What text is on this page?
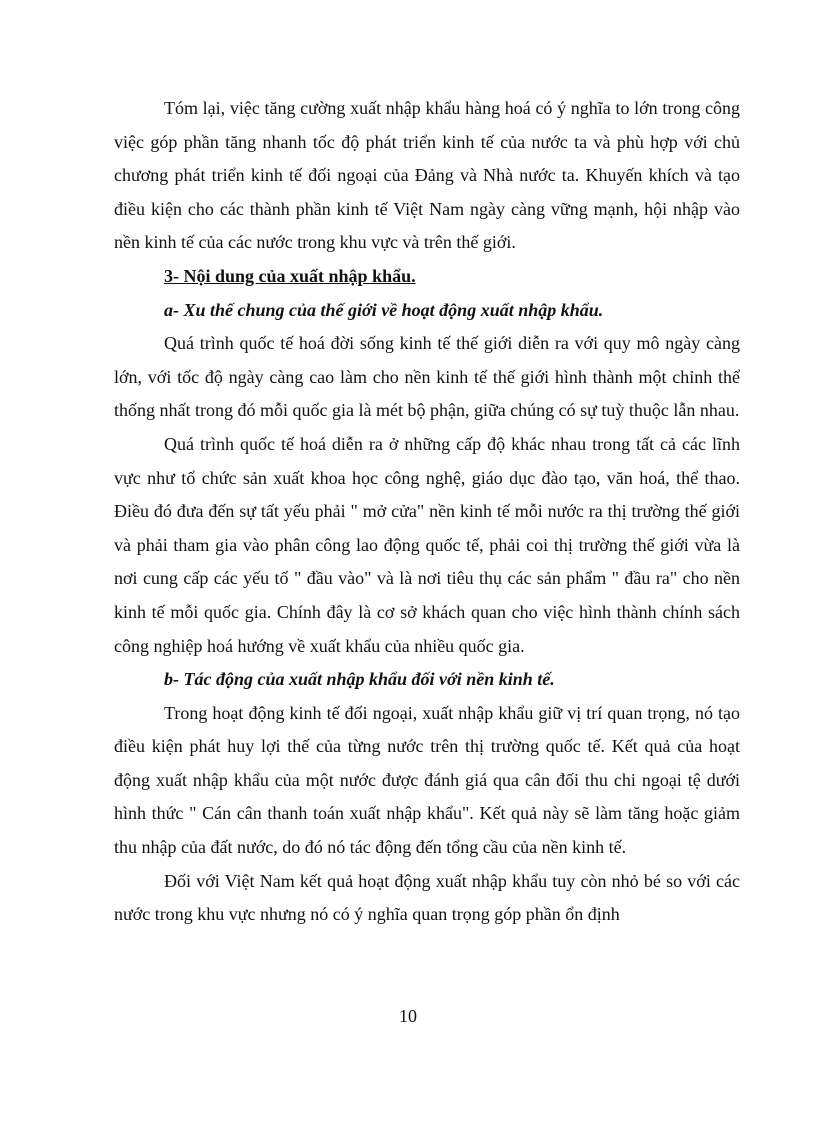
Tóm lại, việc tăng cường xuất nhập khẩu hàng hoá có ý nghĩa to lớn trong công việc góp phần tăng nhanh tốc độ phát triển kinh tế của nước ta và phù hợp với chủ chương phát triển kinh tế đối ngoại của Đảng và Nhà nước ta. Khuyến khích và tạo điều kiện cho các thành phần kinh tế Việt Nam ngày càng vững mạnh, hội nhập vào nền kinh tế của các nước trong khu vực và trên thế giới.

3- Nội dung của xuất nhập khẩu.

a- Xu thế chung của thế giới về hoạt động xuất nhập khẩu.

Quá trình quốc tế hoá đời sống kinh tế thế giới diễn ra với quy mô ngày càng lớn, với tốc độ ngày càng cao làm cho nền kinh tế thế giới hình thành một chỉnh thể thống nhất trong đó mỗi quốc gia là mét bộ phận, giữa chúng có sự tuỳ thuộc lẫn nhau.

Quá trình quốc tế hoá diễn ra ở những cấp độ khác nhau trong tất cả các lĩnh vực như tổ chức sản xuất khoa học công nghệ, giáo dục đào tạo, văn hoá, thể thao. Điều đó đưa đến sự tất yếu phải " mở cửa" nền kinh tế mỗi nước ra thị trường thế giới và phải tham gia vào phân công lao động quốc tế, phải coi thị trường thế giới vừa là nơi cung cấp các yếu tố " đầu vào" và là nơi tiêu thụ các sản phẩm " đầu ra" cho nền kinh tế mỗi quốc gia. Chính đây là cơ sở khách quan cho việc hình thành chính sách công nghiệp hoá hướng về xuất khẩu của nhiều quốc gia.

b- Tác động của xuất nhập khẩu đối với nền kinh tế.

Trong hoạt động kinh tế đối ngoại, xuất nhập khẩu giữ vị trí quan trọng, nó tạo điều kiện phát huy lợi thế của từng nước trên thị trường quốc tế. Kết quả của hoạt động xuất nhập khẩu của một nước được đánh giá qua cân đối thu chi ngoại tệ dưới hình thức " Cán cân thanh toán xuất nhập khẩu". Kết quả này sẽ làm tăng hoặc giảm thu nhập của đất nước, do đó nó tác động đến tổng cầu của nền kinh tế.

Đối với Việt Nam kết quả hoạt động xuất nhập khẩu tuy còn nhỏ bé so với các nước trong khu vực nhưng nó có ý nghĩa quan trọng góp phần ổn định

10
